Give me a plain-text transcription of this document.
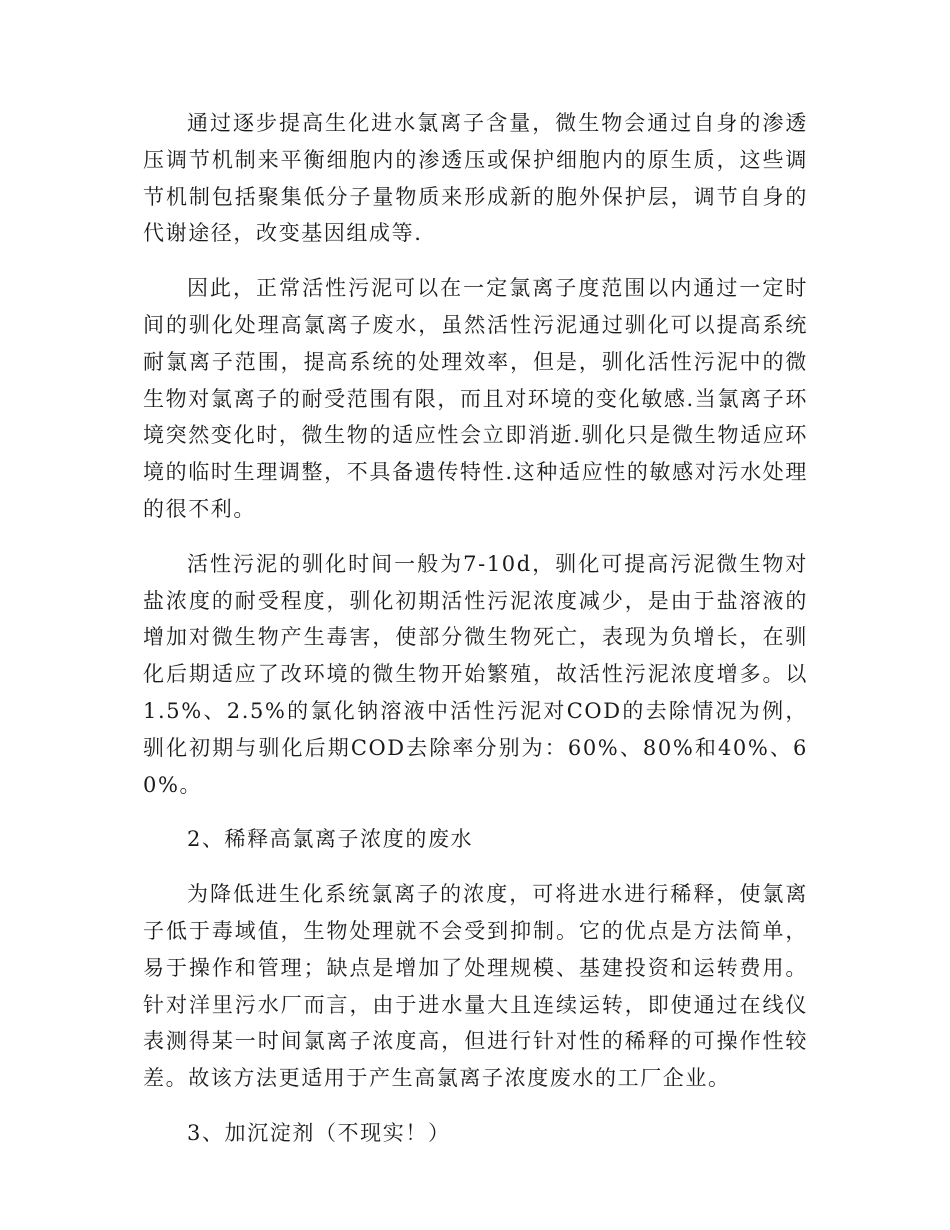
通过逐步提高生化进水氯离子含量，微生物会通过自身的渗透压调节机制来平衡细胞内的渗透压或保护细胞内的原生质，这些调节机制包括聚集低分子量物质来形成新的胞外保护层，调节自身的代谢途径，改变基因组成等.

因此，正常活性污泥可以在一定氯离子度范围以内通过一定时间的驯化处理高氯离子废水，虽然活性污泥通过驯化可以提高系统耐氯离子范围，提高系统的处理效率，但是，驯化活性污泥中的微生物对氯离子的耐受范围有限，而且对环境的变化敏感.当氯离子环境突然变化时，微生物的适应性会立即消逝.驯化只是微生物适应环境的临时生理调整，不具备遗传特性.这种适应性的敏感对污水处理的很不利。

活性污泥的驯化时间一般为7-10d，驯化可提高污泥微生物对盐浓度的耐受程度，驯化初期活性污泥浓度减少，是由于盐溶液的增加对微生物产生毒害，使部分微生物死亡，表现为负增长，在驯化后期适应了改环境的微生物开始繁殖，故活性污泥浓度增多。以1.5%、2.5%的氯化钠溶液中活性污泥对COD的去除情况为例，驯化初期与驯化后期COD去除率分别为：60%、80%和40%、60%。

2、稀释高氯离子浓度的废水

为降低进生化系统氯离子的浓度，可将进水进行稀释，使氯离子低于毒域值，生物处理就不会受到抑制。它的优点是方法简单，易于操作和管理；缺点是增加了处理规模、基建投资和运转费用。针对洋里污水厂而言，由于进水量大且连续运转，即使通过在线仪表测得某一时间氯离子浓度高，但进行针对性的稀释的可操作性较差。故该方法更适用于产生高氯离子浓度废水的工厂企业。

3、加沉淀剂（不现实！）
